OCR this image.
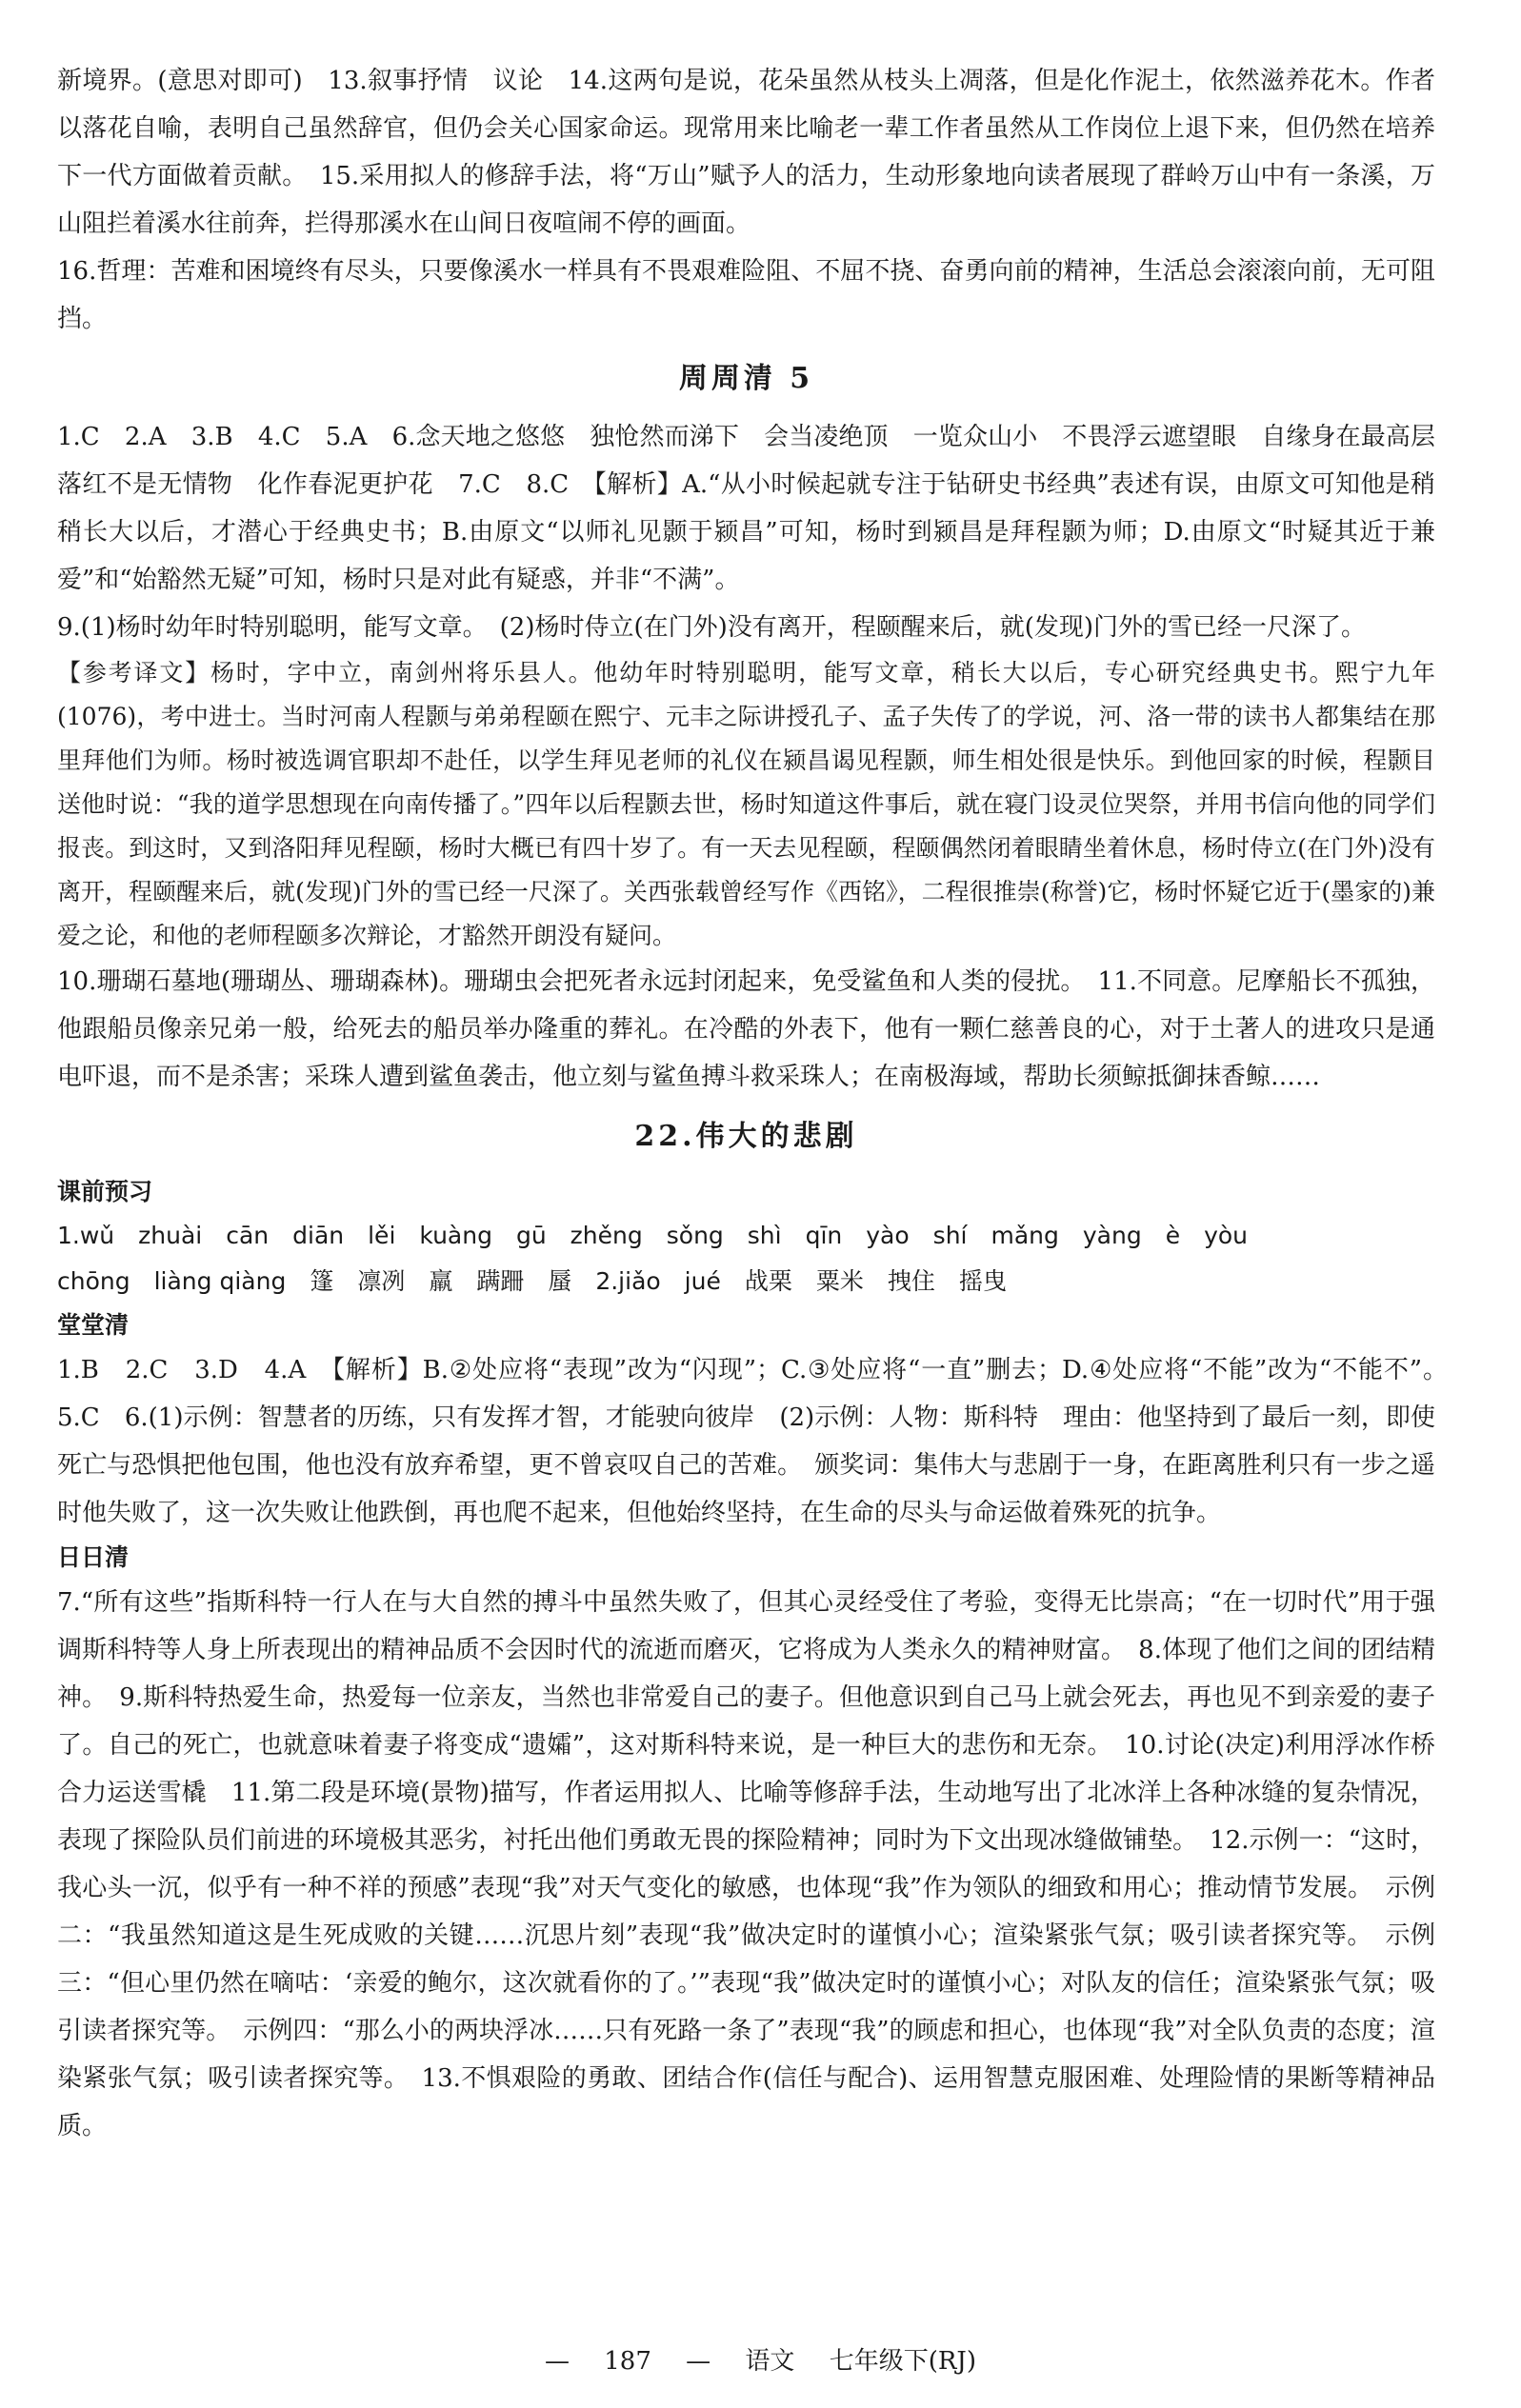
新境界。(意思对即可)　13.叙事抒情　议论　14.这两句是说，花朵虽然从枝头上凋落，但是化作泥土，依然滋养花木。作者以落花自喻，表明自己虽然辞官，但仍会关心国家命运。现常用来比喻老一辈工作者虽然从工作岗位上退下来，但仍然在培养下一代方面做着贡献。　15.采用拟人的修辞手法，将“万山”赋予人的活力，生动形象地向读者展现了群岭万山中有一条溪，万山阻拦着溪水往前奔，拦得那溪水在山间日夜喧闹不停的画面。

16.哲理：苦难和困境终有尽头，只要像溪水一样具有不畏艰难险阻、不屈不挠、奋勇向前的精神，生活总会滚滚向前，无可阻挡。

周周清 5

1.C　2.A　3.B　4.C　5.A　6.念天地之悠悠　独怆然而涕下　会当凌绝顶　一览众山小　不畏浮云遮望眼　自缘身在最高层　落红不是无情物　化作春泥更护花　7.C　8.C　【解析】A.“从小时候起就专注于钻研史书经典”表述有误，由原文可知他是稍稍长大以后，才潜心于经典史书；B.由原文“以师礼见颢于颍昌”可知，杨时到颍昌是拜程颢为师；D.由原文“时疑其近于兼爱”和“始豁然无疑”可知，杨时只是对此有疑惑，并非“不满”。

9.(1)杨时幼年时特别聪明，能写文章。　(2)杨时侍立(在门外)没有离开，程颐醒来后，就(发现)门外的雪已经一尺深了。

【参考译文】杨时，字中立，南剑州将乐县人。他幼年时特别聪明，能写文章，稍长大以后，专心研究经典史书。熙宁九年(1076)，考中进士。当时河南人程颢与弟弟程颐在熙宁、元丰之际讲授孔子、孟子失传了的学说，河、洛一带的读书人都集结在那里拜他们为师。杨时被选调官职却不赴任，以学生拜见老师的礼仪在颍昌谒见程颢，师生相处很是快乐。到他回家的时候，程颢目送他时说：“我的道学思想现在向南传播了。”四年以后程颢去世，杨时知道这件事后，就在寝门设灵位哭祭，并用书信向他的同学们报丧。到这时，又到洛阳拜见程颐，杨时大概已有四十岁了。有一天去见程颐，程颐偶然闭着眼睛坐着休息，杨时侍立(在门外)没有离开，程颐醒来后，就(发现)门外的雪已经一尺深了。关西张载曾经写作《西铭》，二程很推崇(称誉)它，杨时怀疑它近于(墨家的)兼爱之论，和他的老师程颐多次辩论，才豁然开朗没有疑问。

10.珊瑚石墓地(珊瑚丛、珊瑚森林)。珊瑚虫会把死者永远封闭起来，免受鲨鱼和人类的侵扰。　11.不同意。尼摩船长不孤独，他跟船员像亲兄弟一般，给死去的船员举办隆重的葬礼。在冷酷的外表下，他有一颗仁慈善良的心，对于土著人的进攻只是通电吓退，而不是杀害；采珠人遭到鲨鱼袭击，他立刻与鲨鱼搏斗救采珠人；在南极海域，帮助长须鲸抵御抹香鲸……

22.伟大的悲剧
课前预习

1.wǔ　zhuài　cān　diān　lěi　kuàng　gū　zhěng　sǒng　shì　qīn　yào　shí　mǎng　yàng　è　yòu

chōng　liàng qiàng　篷　凛冽　羸　蹒跚　蜃　2.jiǎo　jué　战栗　粟米　拽住　摇曳

堂堂清

1.B　2.C　3.D　4.A　【解析】B.②处应将“表现”改为“闪现”；C.③处应将“一直”删去；D.④处应将“不能”改为“不能不”。　5.C　6.(1)示例：智慧者的历练，只有发挥才智，才能驶向彼岸　(2)示例：人物：斯科特　理由：他坚持到了最后一刻，即使死亡与恐惧把他包围，他也没有放弃希望，更不曾哀叹自己的苦难。　颁奖词：集伟大与悲剧于一身，在距离胜利只有一步之遥时他失败了，这一次失败让他跌倒，再也爬不起来，但他始终坚持，在生命的尽头与命运做着殊死的抗争。

日日清

7.“所有这些”指斯科特一行人在与大自然的搏斗中虽然失败了，但其心灵经受住了考验，变得无比崇高；“在一切时代”用于强调斯科特等人身上所表现出的精神品质不会因时代的流逝而磨灭，它将成为人类永久的精神财富。　8.体现了他们之间的团结精神。　9.斯科特热爱生命，热爱每一位亲友，当然也非常爱自己的妻子。但他意识到自己马上就会死去，再也见不到亲爱的妻子了。自己的死亡，也就意味着妻子将变成“遗孀”，这对斯科特来说，是一种巨大的悲伤和无奈。　10.讨论(决定)利用浮冰作桥　合力运送雪橇　11.第二段是环境(景物)描写，作者运用拟人、比喻等修辞手法，生动地写出了北冰洋上各种冰缝的复杂情况，表现了探险队员们前进的环境极其恶劣，衬托出他们勇敢无畏的探险精神；同时为下文出现冰缝做铺垫。　12.示例一：“这时，我心头一沉，似乎有一种不祥的预感”表现“我”对天气变化的敏感，也体现“我”作为领队的细致和用心；推动情节发展。　示例二：“我虽然知道这是生死成败的关键……沉思片刻”表现“我”做决定时的谨慎小心；渲染紧张气氛；吸引读者探究等。　示例三：“但心里仍然在嘀咕：‘亲爱的鲍尔，这次就看你的了。’”表现“我”做决定时的谨慎小心；对队友的信任；渲染紧张气氛；吸引读者探究等。　示例四：“那么小的两块浮冰……只有死路一条了”表现“我”的顾虑和担心，也体现“我”对全队负责的态度；渲染紧张气氛；吸引读者探究等。　13.不惧艰险的勇敢、团结合作(信任与配合)、运用智慧克服困难、处理险情的果断等精神品质。

— 187 — 语文 七年级下(RJ)
